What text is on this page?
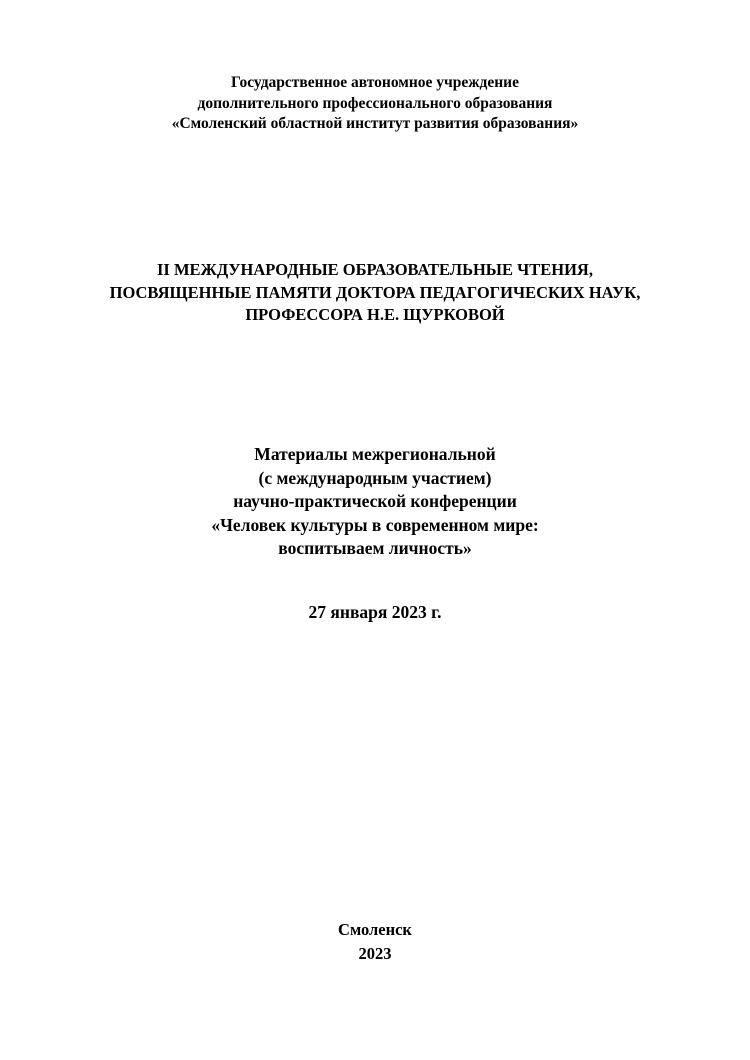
Государственное автономное учреждение
дополнительного профессионального образования
«Смоленский областной институт развития образования»
II МЕЖДУНАРОДНЫЕ ОБРАЗОВАТЕЛЬНЫЕ ЧТЕНИЯ,
ПОСВЯЩЕННЫЕ ПАМЯТИ ДОКТОРА ПЕДАГОГИЧЕСКИХ НАУК,
ПРОФЕССОРА Н.Е. ЩУРКОВОЙ
Материалы межрегиональной
(с международным участием)
научно-практической конференции
«Человек культуры в современном мире:
воспитываем личность»
27 января 2023 г.
Смоленск
2023
